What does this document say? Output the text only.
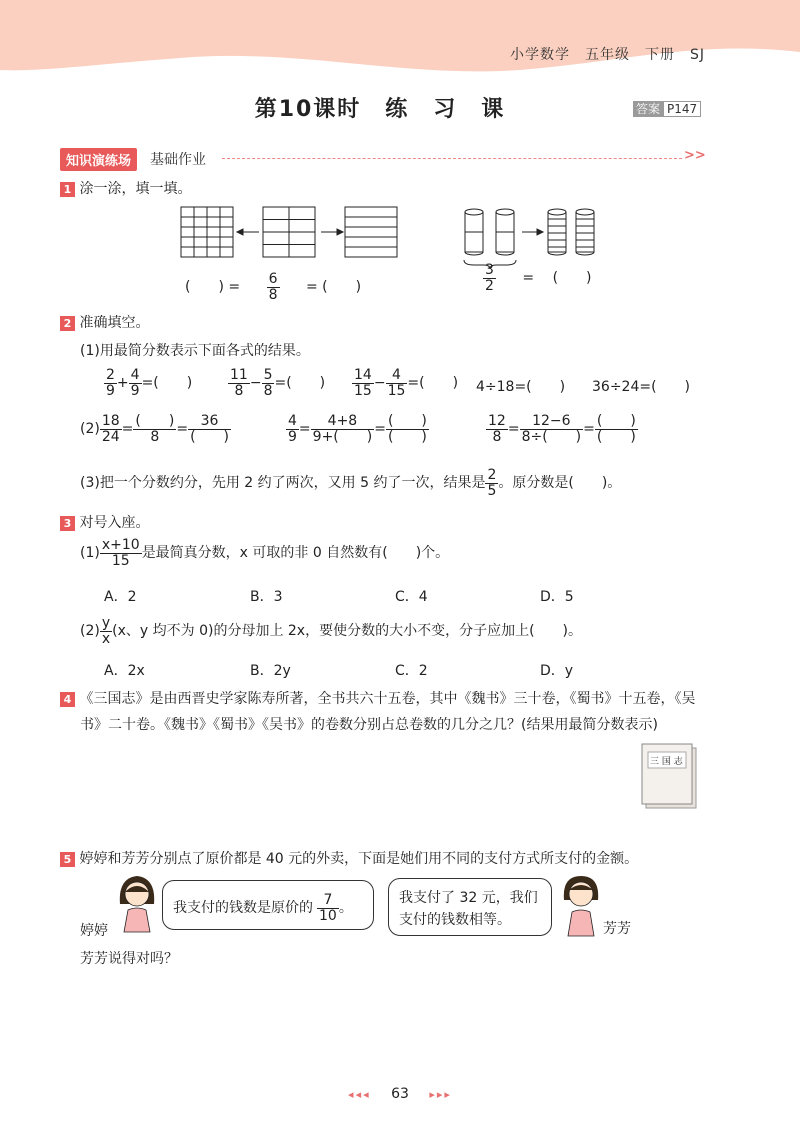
小学数学　五年级　下册　SJ
第10课时　练　习　课	答案 P147
知识演练场	基础作业	>>
1 涂一涂，填一填。
(　　) = $\frac{6}{8}$ = (　　)	$\frac{3}{2}$ = (　　)
2 准确填空。
(1)用最简分数表示下面各式的结果。
$\frac{2}{9} + \frac{4}{9}$ =(　　)	$\frac{11}{8} - \frac{5}{8}$ =(　　) $\frac{14}{15} - \frac{4}{15}$ =(　　) 4÷18=(　　) 36÷24=(　　)
$(2) \frac{18}{24} = \frac{( )}{8} = \frac{36}{( )}$	$\frac{4}{9} = \frac{4+8}{9+( )} = \frac{( )}{( )}$	$\frac{12}{8} = \frac{12-6}{8\div( )} = \frac{( )}{( )}$
(3)把一个分数约分，先用 2 约了两次，又用 5 约了一次，结果是 $\frac{2}{5}$ 。原分数是(　　)。
3 对号入座。
$(1) \frac{x+10}{15}$ 是最简真分数，x 可取的非 0 自然数有(　　)个。
A．2	B．3	C．4	D．5
$(2) \frac{y}{x} (x$、y 均不为 0)的分母加上 2x，要使分数的大小不变，分子应加上(　　)。
A．2x	B．2y	C．2	D．y
4 《三国志》是由西晋史学家陈寿所著，全书共六十五卷，其中《魏书》三十卷，《蜀书》十五卷，《吴
书》二十卷。《魏书》《蜀书》《吴书》的卷数分别占总卷数的几分之几？(结果用最简分数表示)
三 国 志
5 婷婷和芳芳分别点了原价都是 40 元的外卖，下面是她们用不同的支付方式所支付的金额。
婷婷
我支付的钱数是原价的 $\frac{7}{10}$ 。
我支付了 32 元，我们
支付的钱数相等。
芳芳
芳芳说得对吗？
◂◂◂ 63 ▸▸▸
